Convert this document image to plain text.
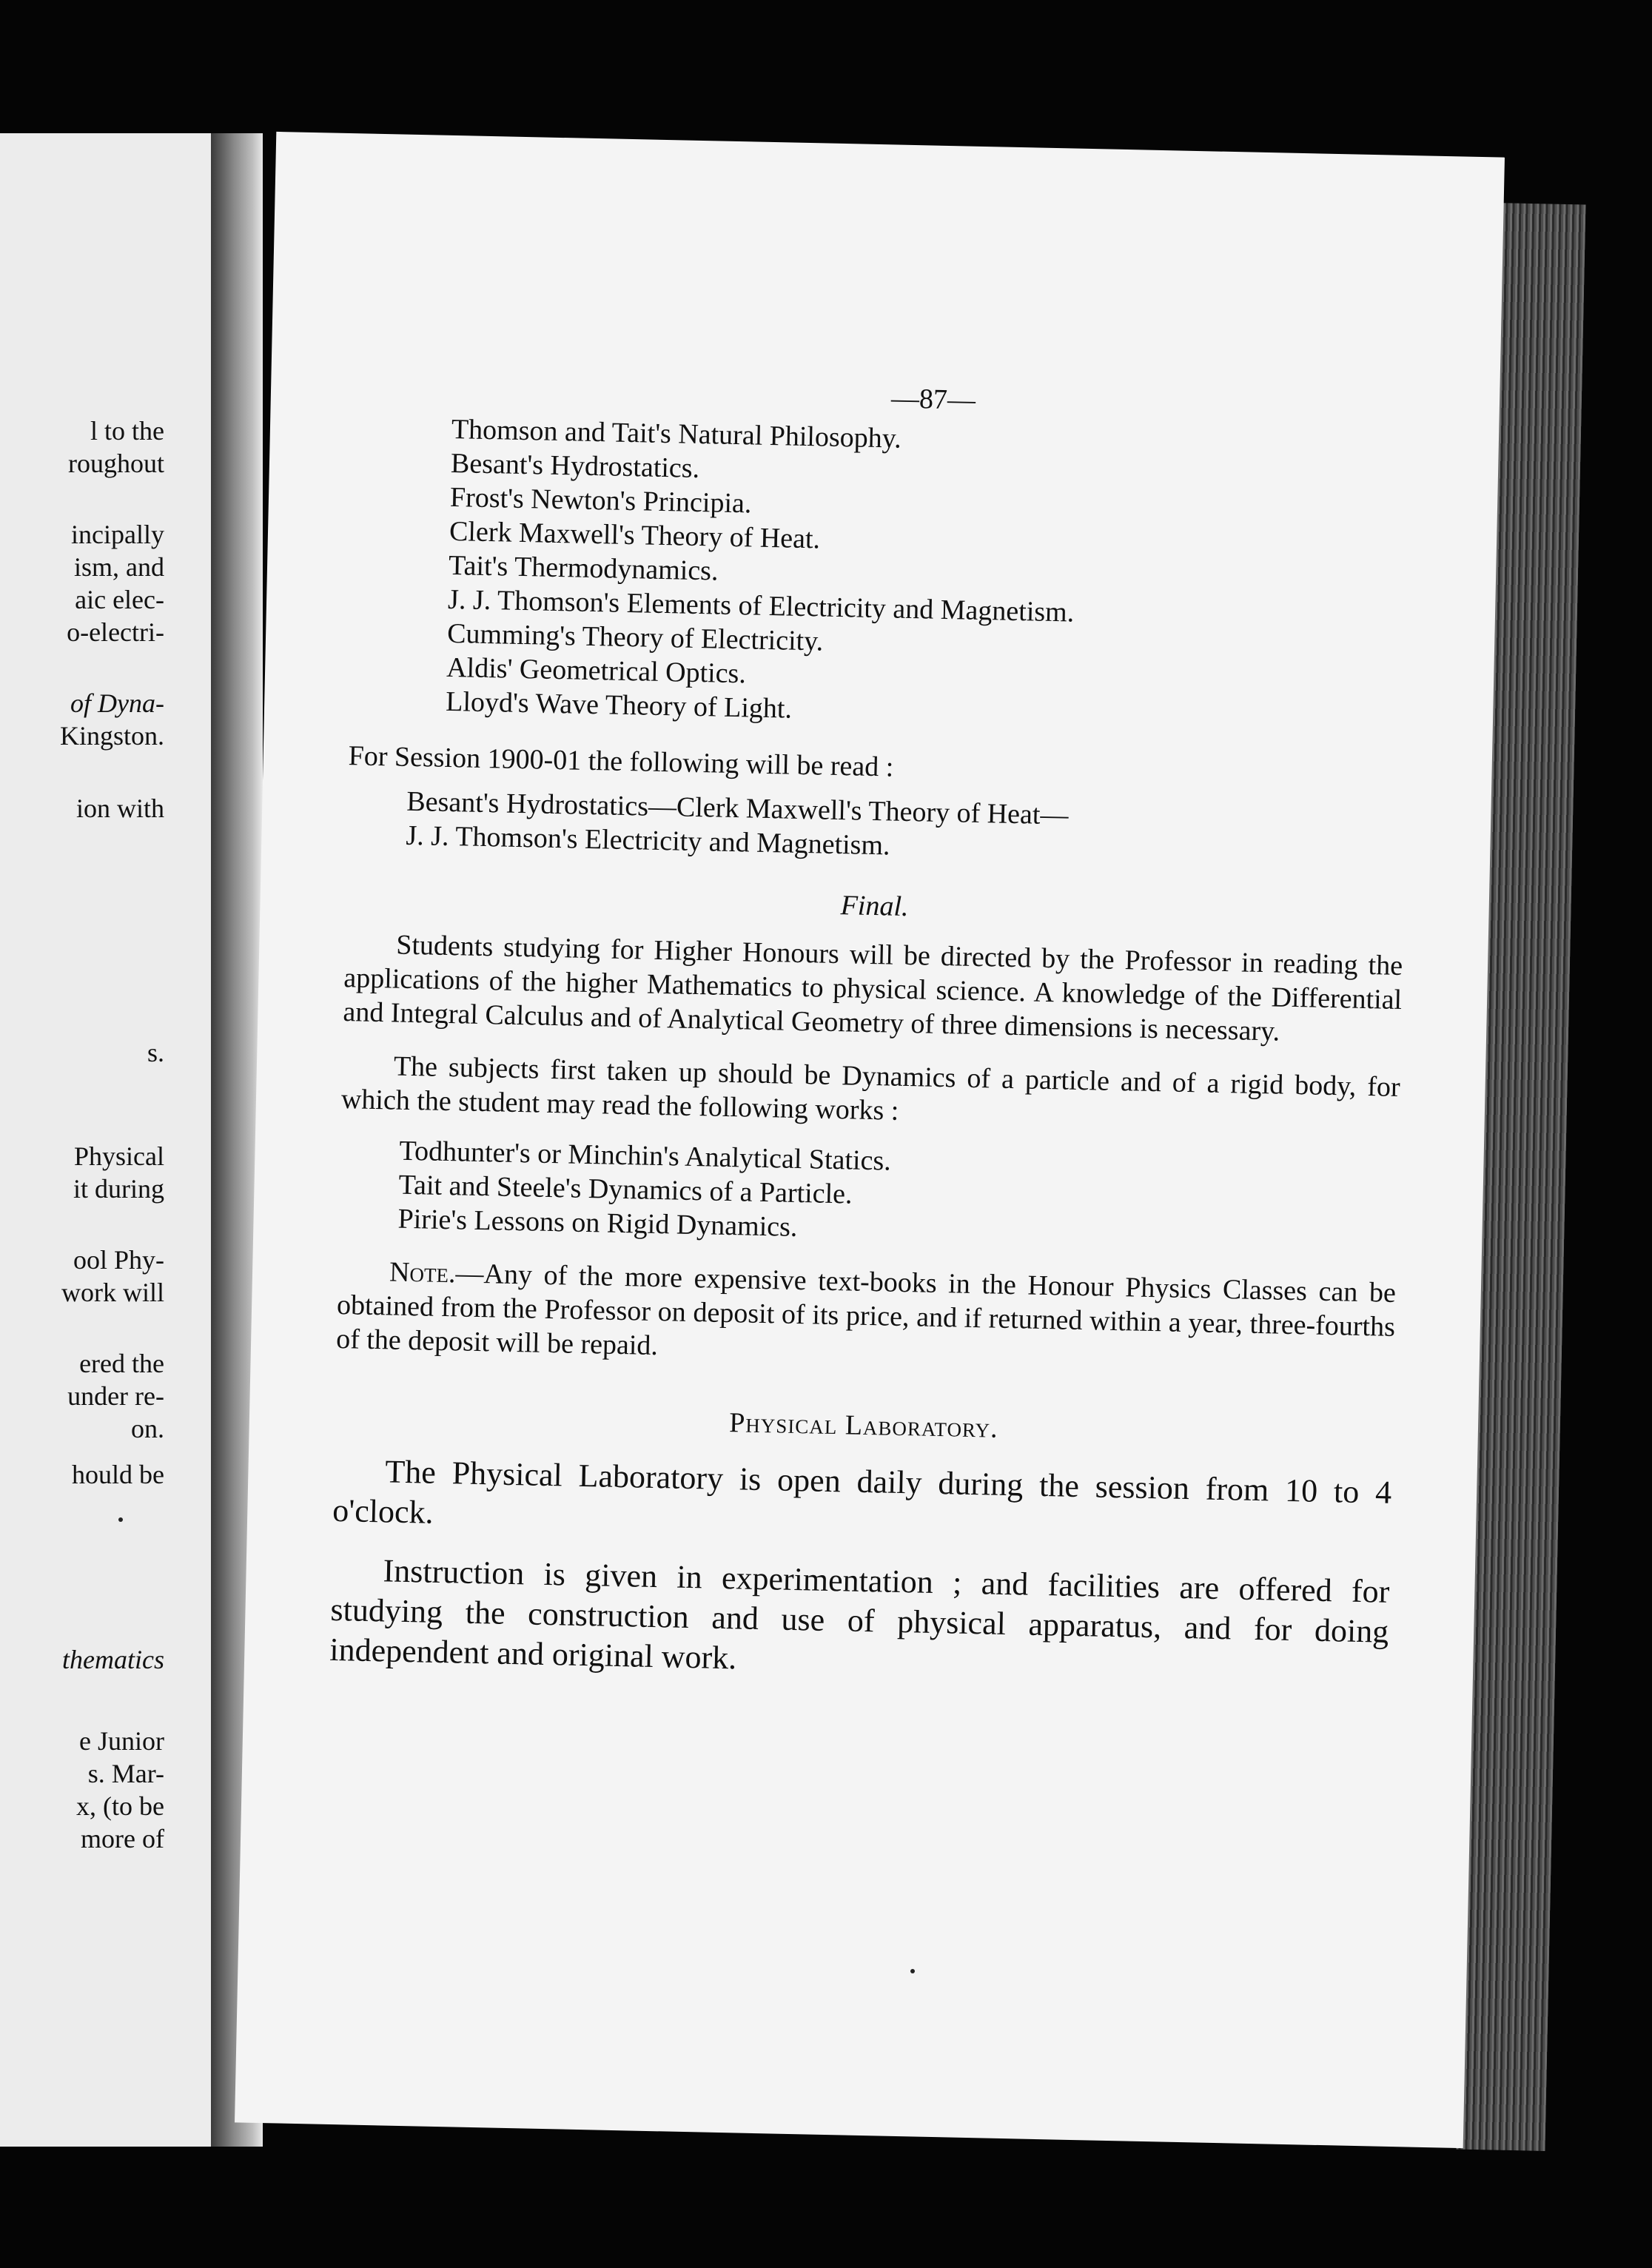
l to the
roughout
incipally
ism, and
aic elec-
o-electri-
of Dyna-
Kingston.
ion with
s.
Physical
it during
ool Phy-
work will
ered the
under re-
on.
hould be
thematics
e Junior
s. Mar-
x, (to be
more of
—87—
Thomson and Tait's Natural Philosophy.
Besant's Hydrostatics.
Frost's Newton's Principia.
Clerk Maxwell's Theory of Heat.
Tait's Thermodynamics.
J. J. Thomson's Elements of Electricity and Magnetism.
Cumming's Theory of Electricity.
Aldis' Geometrical Optics.
Lloyd's Wave Theory of Light.

For Session 1900-01 the following will be read :

Besant's Hydrostatics—Clerk Maxwell's Theory of Heat—
J. J. Thomson's Electricity and Magnetism.
Final.

Students studying for Higher Honours will be directed by the Professor in reading the applications of the higher Mathematics to physical science. A knowledge of the Differential and Integral Calculus and of Analytical Geometry of three dimensions is necessary.

The subjects first taken up should be Dynamics of a particle and of a rigid body, for which the student may read the following works :

Todhunter's or Minchin's Analytical Statics.
Tait and Steele's Dynamics of a Particle.
Pirie's Lessons on Rigid Dynamics.

Note.—Any of the more expensive text-books in the Honour Physics Classes can be obtained from the Professor on deposit of its price, and if returned within a year, three-fourths of the deposit will be repaid.

Physical Laboratory.

The Physical Laboratory is open daily during the session from 10 to 4 o'clock.

Instruction is given in experimentation ; and facilities are offered for studying the construction and use of physical apparatus, and for doing independent and original work.
